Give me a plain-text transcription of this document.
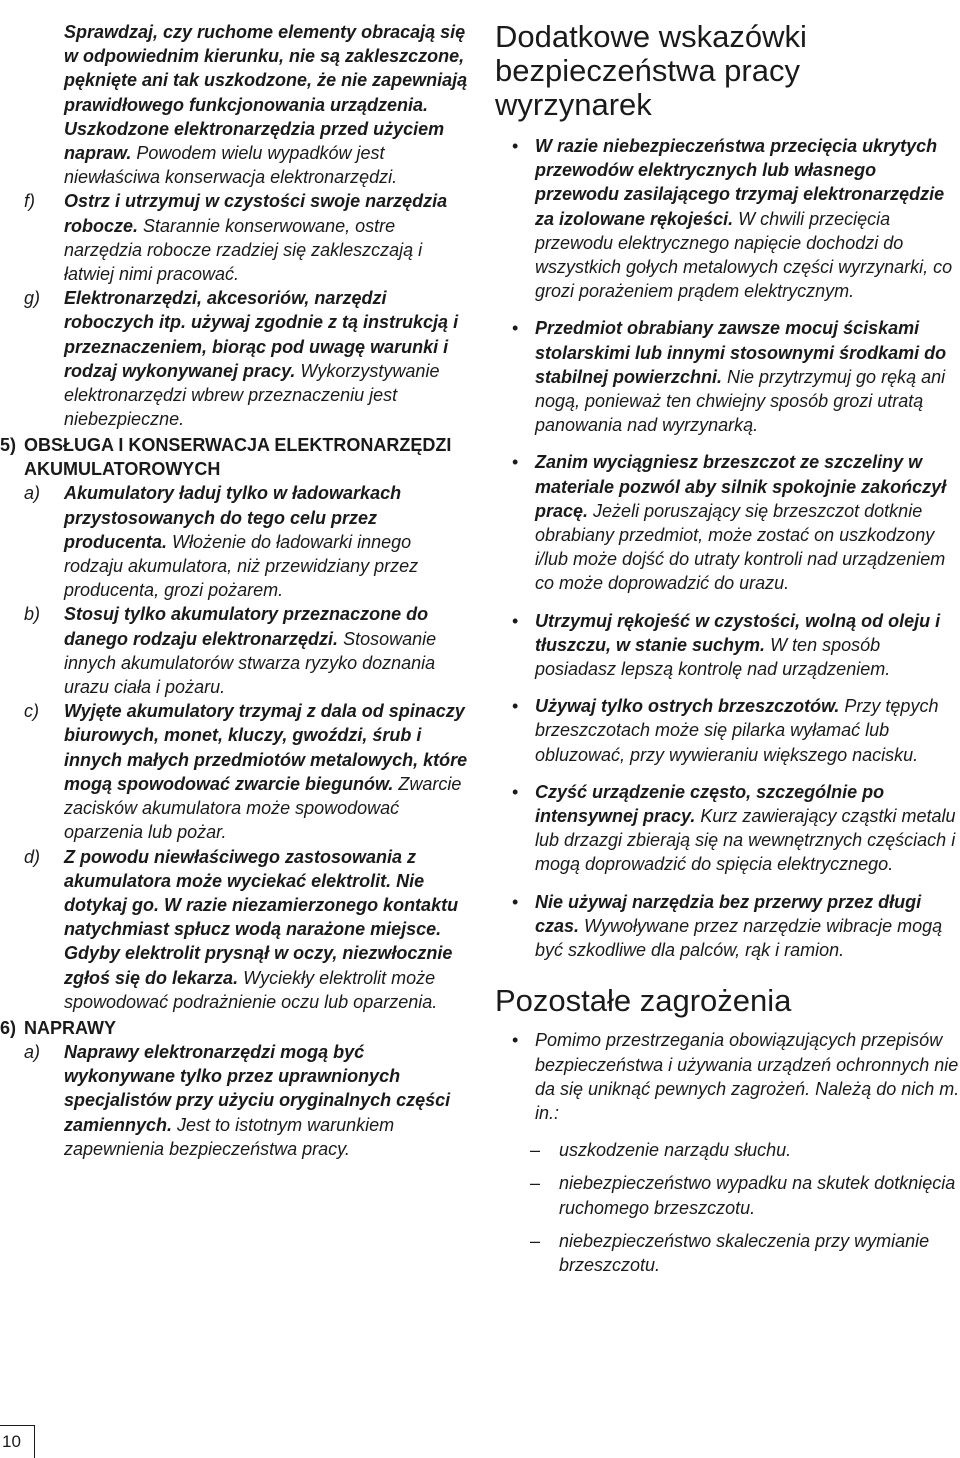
Sprawdzaj, czy ruchome elementy obracają się w odpowiednim kierunku, nie są zakleszczone, pęknięte ani tak uszkodzone, że nie zapewniają prawidłowego funkcjonowania urządzenia. Uszkodzone elektronarzędzia przed użyciem napraw. Powodem wielu wypadków jest niewłaściwa konserwacja elektronarzędzi.

f) Ostrz i utrzymuj w czystości swoje narzędzia robocze. Starannie konserwowane, ostre narzędzia robocze rzadziej się zakleszczają i łatwiej nimi pracować.

g) Elektronarzędzi, akcesoriów, narzędzi roboczych itp. używaj zgodnie z tą instrukcją i przeznaczeniem, biorąc pod uwagę warunki i rodzaj wykonywanej pracy. Wykorzystywanie elektronarzędzi wbrew przeznaczeniu jest niebezpieczne.

5) OBSŁUGA I KONSERWACJA ELEKTRONARZĘDZI AKUMULATOROWYCH

a) Akumulatory ładuj tylko w ładowarkach przystosowanych do tego celu przez producenta. Włożenie do ładowarki innego rodzaju akumulatora, niż przewidziany przez producenta, grozi pożarem.

b) Stosuj tylko akumulatory przeznaczone do danego rodzaju elektronarzędzi. Stosowanie innych akumulatorów stwarza ryzyko doznania urazu ciała i pożaru.

c) Wyjęte akumulatory trzymaj z dala od spinaczy biurowych, monet, kluczy, gwoździ, śrub i innych małych przedmiotów metalowych, które mogą spowodować zwarcie biegunów. Zwarcie zacisków akumulatora może spowodować oparzenia lub pożar.

d) Z powodu niewłaściwego zastosowania z akumulatora może wyciekać elektrolit. Nie dotykaj go. W razie niezamierzonego kontaktu natychmiast spłucz wodą narażone miejsce. Gdyby elektrolit prysnął w oczy, niezwłocznie zgłoś się do lekarza. Wyciekły elektrolit może spowodować podrażnienie oczu lub oparzenia.

6) NAPRAWY

a) Naprawy elektronarzędzi mogą być wykonywane tylko przez uprawnionych specjalistów przy użyciu oryginalnych części zamiennych. Jest to istotnym warunkiem zapewnienia bezpieczeństwa pracy.

Dodatkowe wskazówki bezpieczeństwa pracy wyrzynarek

• W razie niebezpieczeństwa przecięcia ukrytych przewodów elektrycznych lub własnego przewodu zasilającego trzymaj elektronarzędzie za izolowane rękojeści. W chwili przecięcia przewodu elektrycznego napięcie dochodzi do wszystkich gołych metalowych części wyrzynarki, co grozi porażeniem prądem elektrycznym.

• Przedmiot obrabiany zawsze mocuj ściskami stolarskimi lub innymi stosownymi środkami do stabilnej powierzchni. Nie przytrzymuj go ręką ani nogą, ponieważ ten chwiejny sposób grozi utratą panowania nad wyrzynarką.

• Zanim wyciągniesz brzeszczot ze szczeliny w materiale pozwól aby silnik spokojnie zakończył pracę. Jeżeli poruszający się brzeszczot dotknie obrabiany przedmiot, może zostać on uszkodzony i/lub może dojść do utraty kontroli nad urządzeniem co może doprowadzić do urazu.

• Utrzymuj rękojeść w czystości, wolną od oleju i tłuszczu, w stanie suchym. W ten sposób posiadasz lepszą kontrolę nad urządzeniem.

• Używaj tylko ostrych brzeszczotów. Przy tępych brzeszczotach może się pilarka wyłamać lub obluzować, przy wywieraniu większego nacisku.

• Czyść urządzenie często, szczególnie po intensywnej pracy. Kurz zawierający cząstki metalu lub drzazgi zbierają się na wewnętrznych częściach i mogą doprowadzić do spięcia elektrycznego.

• Nie używaj narzędzia bez przerwy przez długi czas. Wywoływane przez narzędzie wibracje mogą być szkodliwe dla palców, rąk i ramion.

Pozostałe zagrożenia

• Pomimo przestrzegania obowiązujących przepisów bezpieczeństwa i używania urządzeń ochronnych nie da się uniknąć pewnych zagrożeń. Należą do nich m. in.:

– uszkodzenie narządu słuchu.

– niebezpieczeństwo wypadku na skutek dotknięcia ruchomego brzeszczotu.

– niebezpieczeństwo skaleczenia przy wymianie brzeszczotu.

10
